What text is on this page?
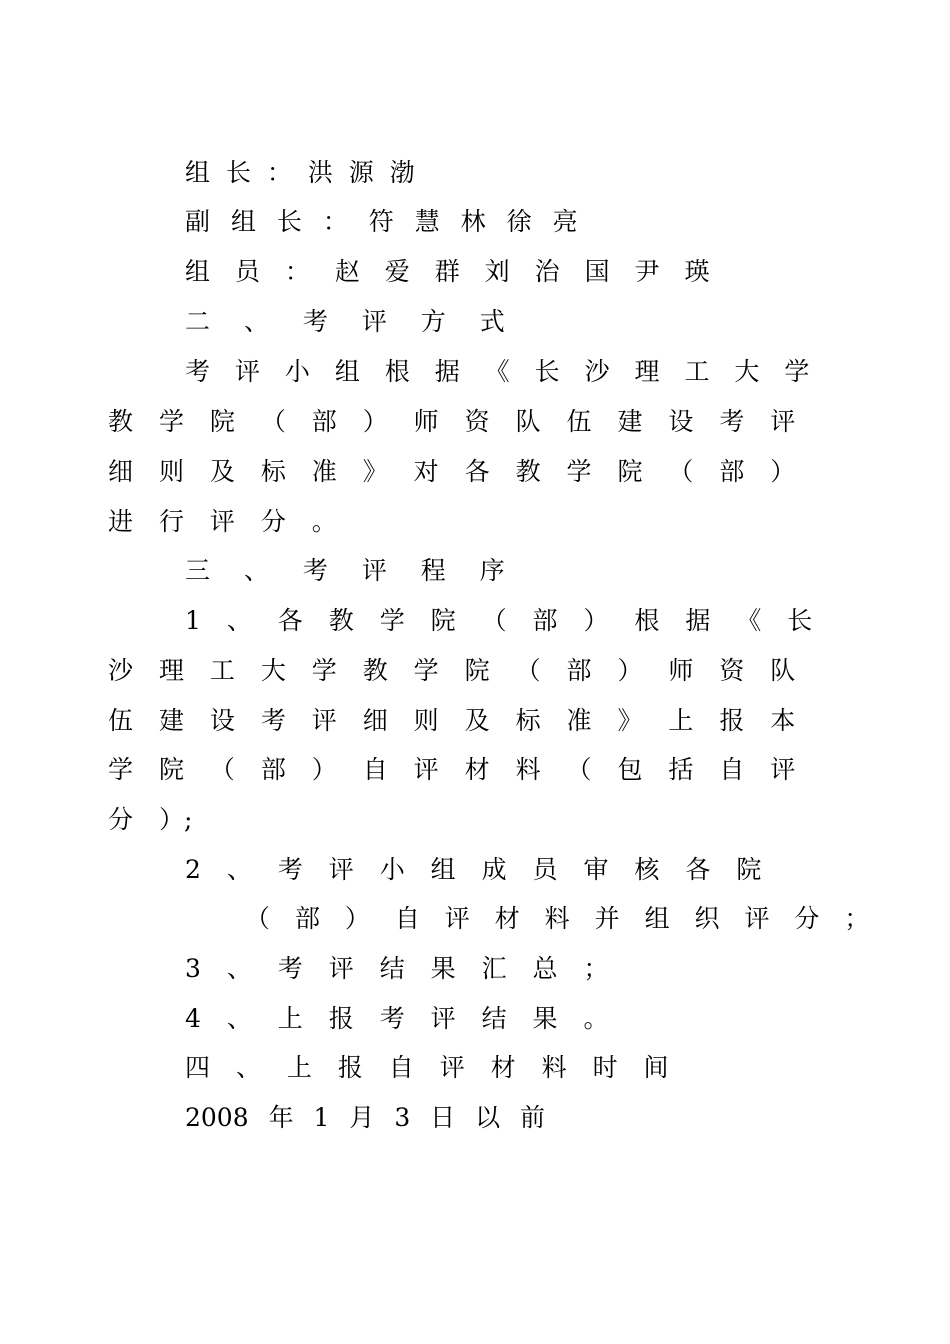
组 长 ： 洪 源 渤
副 组 长 ： 符 慧 林 徐 亮
组 员 ： 赵 爱 群 刘 治 国 尹 瑛
二 、 考 评 方 式
考 评 小 组 根 据 《 长 沙 理 工 大 学
教 学 院 （ 部 ） 师 资 队 伍 建 设 考 评
细 则 及 标 准 》 对 各 教 学 院 （ 部 ）
进 行 评 分 。
三 、 考 评 程 序
1 、 各 教 学 院 （ 部 ） 根 据 《 长
沙 理 工 大 学 教 学 院 （ 部 ） 师 资 队
伍 建 设 考 评 细 则 及 标 准 》 上 报 本
学 院 （ 部 ） 自 评 材 料 （ 包 括 自 评
分 ）;
2 、 考 评 小 组 成 员 审 核 各 院
（ 部 ） 自 评 材 料 并 组 织 评 分 ；
3 、 考 评 结 果 汇 总 ；
4 、 上 报 考 评 结 果 。
四 、 上 报 自 评 材 料 时 间
2008 年 1 月 3 日 以 前
